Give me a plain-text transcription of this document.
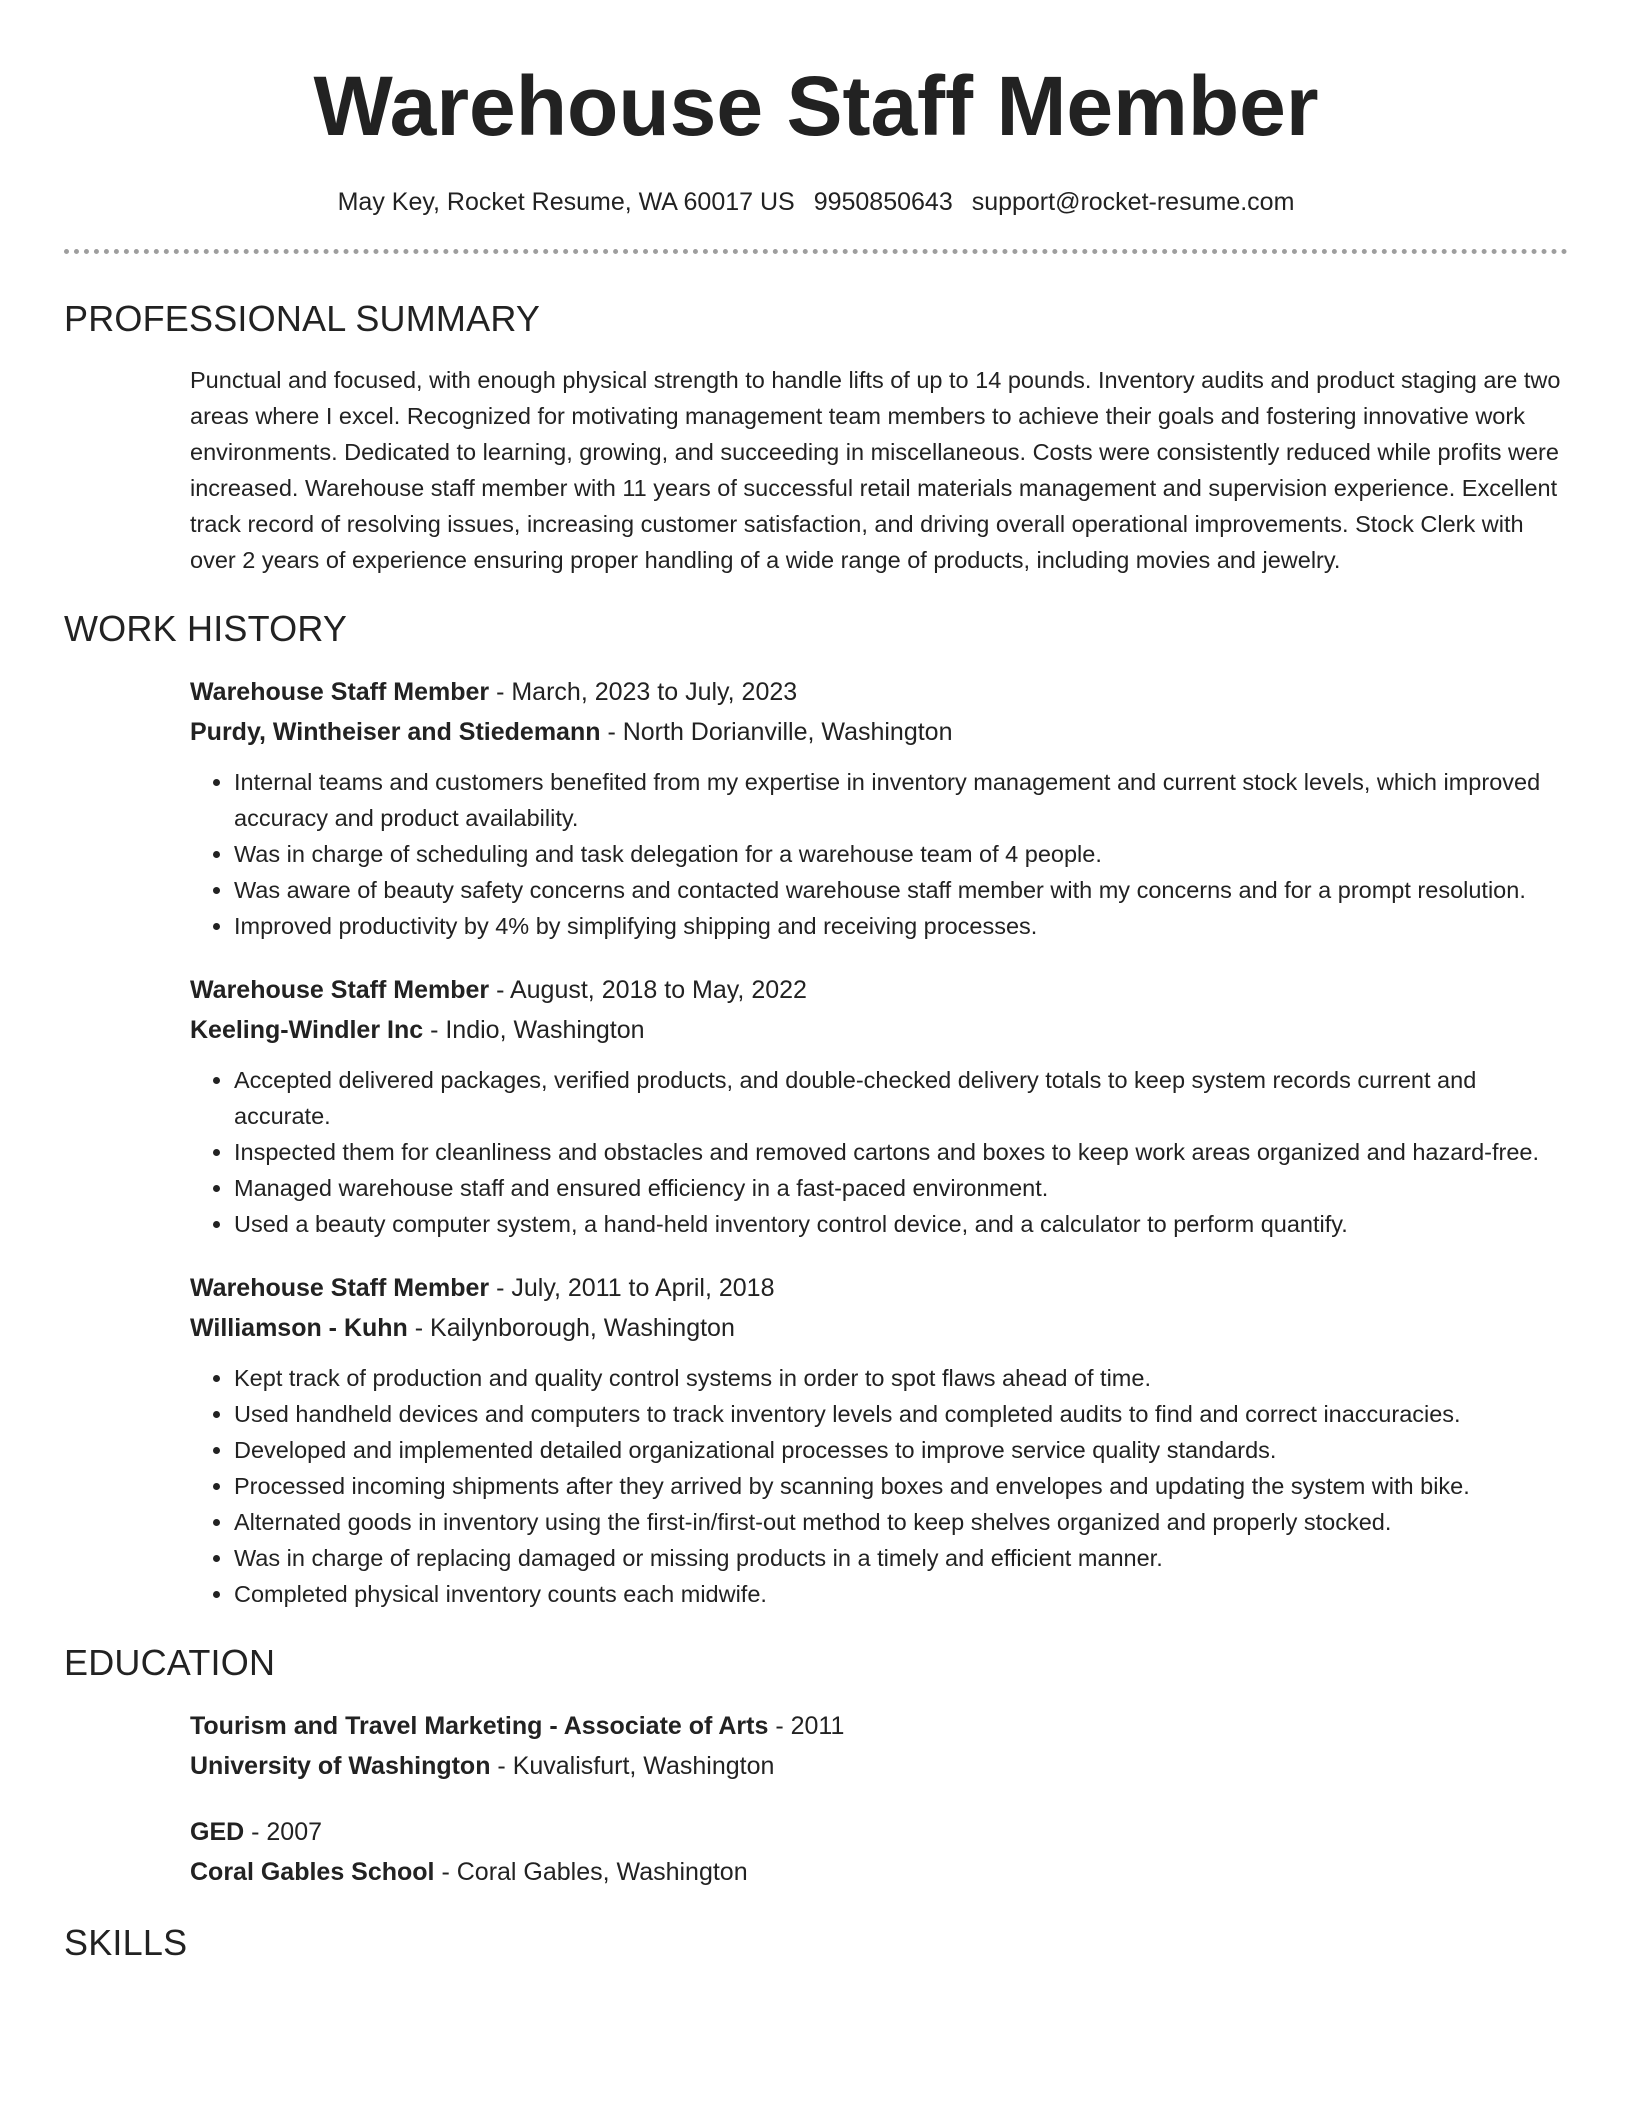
Warehouse Staff Member
May Key, Rocket Resume, WA 60017 US 9950850643 support@rocket-resume.com
PROFESSIONAL SUMMARY

Punctual and focused, with enough physical strength to handle lifts of up to 14 pounds. Inventory audits and product staging are two areas where I excel. Recognized for motivating management team members to achieve their goals and fostering innovative work environments. Dedicated to learning, growing, and succeeding in miscellaneous. Costs were consistently reduced while profits were increased. Warehouse staff member with 11 years of successful retail materials management and supervision experience. Excellent track record of resolving issues, increasing customer satisfaction, and driving overall operational improvements. Stock Clerk with over 2 years of experience ensuring proper handling of a wide range of products, including movies and jewelry.

WORK HISTORY
Warehouse Staff Member - March, 2023 to July, 2023
Purdy, Wintheiser and Stiedemann - North Dorianville, Washington
• Internal teams and customers benefited from my expertise in inventory management and current stock levels, which improved accuracy and product availability.
• Was in charge of scheduling and task delegation for a warehouse team of 4 people.
• Was aware of beauty safety concerns and contacted warehouse staff member with my concerns and for a prompt resolution.
• Improved productivity by 4% by simplifying shipping and receiving processes.
Warehouse Staff Member - August, 2018 to May, 2022
Keeling-Windler Inc - Indio, Washington
• Accepted delivered packages, verified products, and double-checked delivery totals to keep system records current and accurate.
• Inspected them for cleanliness and obstacles and removed cartons and boxes to keep work areas organized and hazard-free.
• Managed warehouse staff and ensured efficiency in a fast-paced environment.
• Used a beauty computer system, a hand-held inventory control device, and a calculator to perform quantify.
Warehouse Staff Member - July, 2011 to April, 2018
Williamson - Kuhn - Kailynborough, Washington
• Kept track of production and quality control systems in order to spot flaws ahead of time.
• Used handheld devices and computers to track inventory levels and completed audits to find and correct inaccuracies.
• Developed and implemented detailed organizational processes to improve service quality standards.
• Processed incoming shipments after they arrived by scanning boxes and envelopes and updating the system with bike.
• Alternated goods in inventory using the first-in/first-out method to keep shelves organized and properly stocked.
• Was in charge of replacing damaged or missing products in a timely and efficient manner.
• Completed physical inventory counts each midwife.
EDUCATION
Tourism and Travel Marketing - Associate of Arts - 2011
University of Washington - Kuvalisfurt, Washington
GED - 2007
Coral Gables School - Coral Gables, Washington
SKILLS
